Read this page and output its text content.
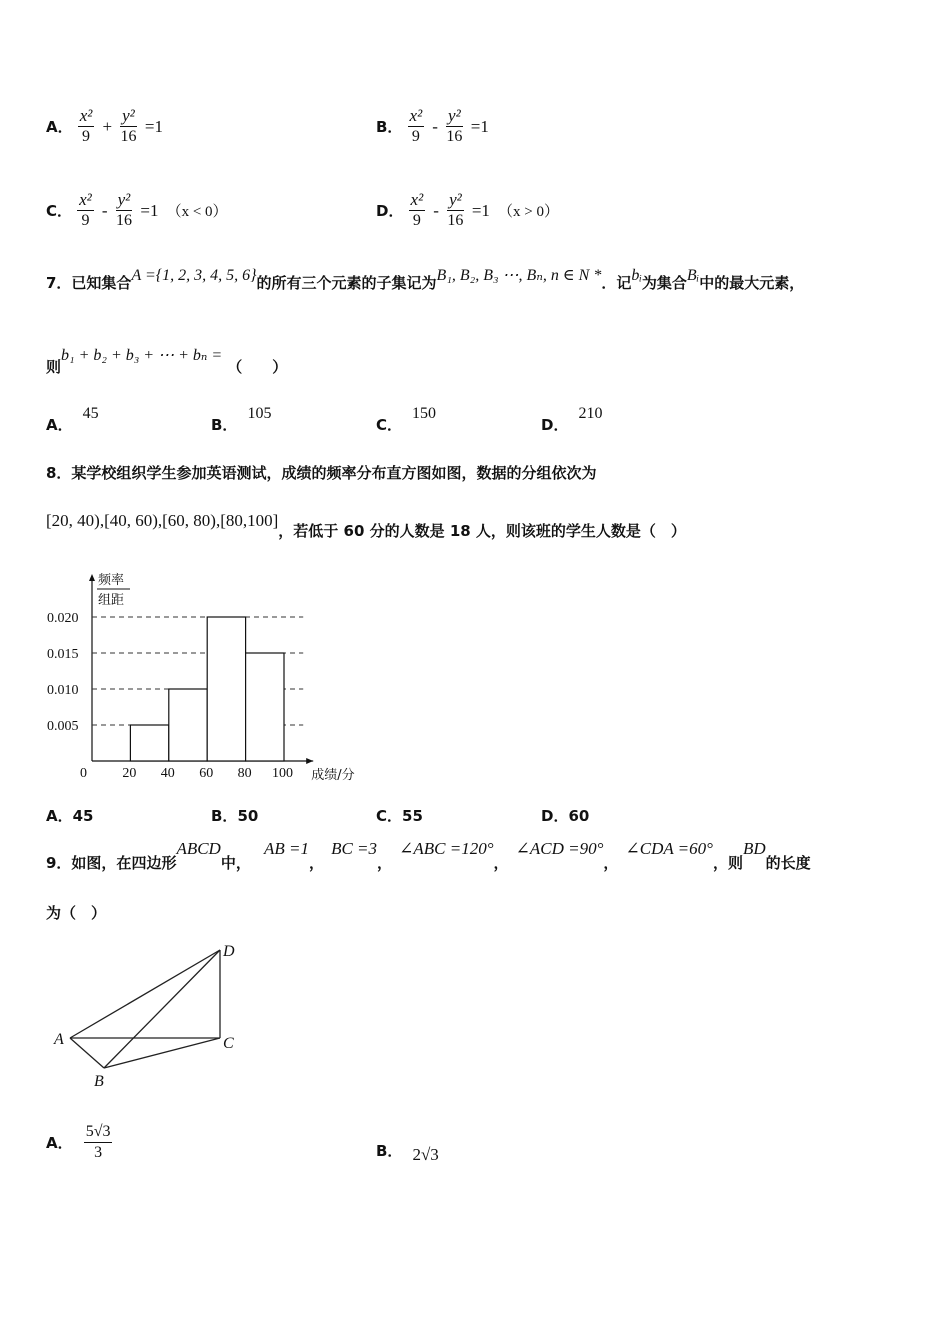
A． $\frac{\text{x²}}{9} + \frac{\text{y²}}{16} =1$	B． $\frac{\text{x²}}{9} - \frac{\text{y²}}{16} =1$
C． $\frac{\text{x²}}{9} - \frac{\text{y²}}{16} =1$ （x < 0）	D． $\frac{\text{x²}}{9} - \frac{\text{y²}}{16} =1$ （x > 0）
7．已知集合A ={1, 2, 3, 4, 5, 6}的所有三个元素的子集记为B₁, B₂, B₃ ⋯, Bₙ, n ∈ N *．记bᵢ为集合Bᵢ中的最大元素，
则b₁ + b₂ + b₃ + ⋯ + bₙ = （　　）
A．45
B．105
C．150
D．210
8．某学校组织学生参加英语测试，成绩的频率分布直方图如图，数据的分组依次为
[20, 40),[40, 60),[60, 80),[80,100]，若低于 60 分的人数是 18 人，则该班的学生人数是（　）
0.020
0.015
0.010
0.005
0	20 40 60 80 100
频率
组距
成绩/分
A．45	B．50	C．55	D．60
9．如图，在四边形ABCD中， AB =1， BC =3， ∠ABC =120°， ∠ACD =90°， ∠CDA =60°，则BD的长度
为（　）
A
B
C
D
A． $\frac{5√3}{3}$	B． 2√3
